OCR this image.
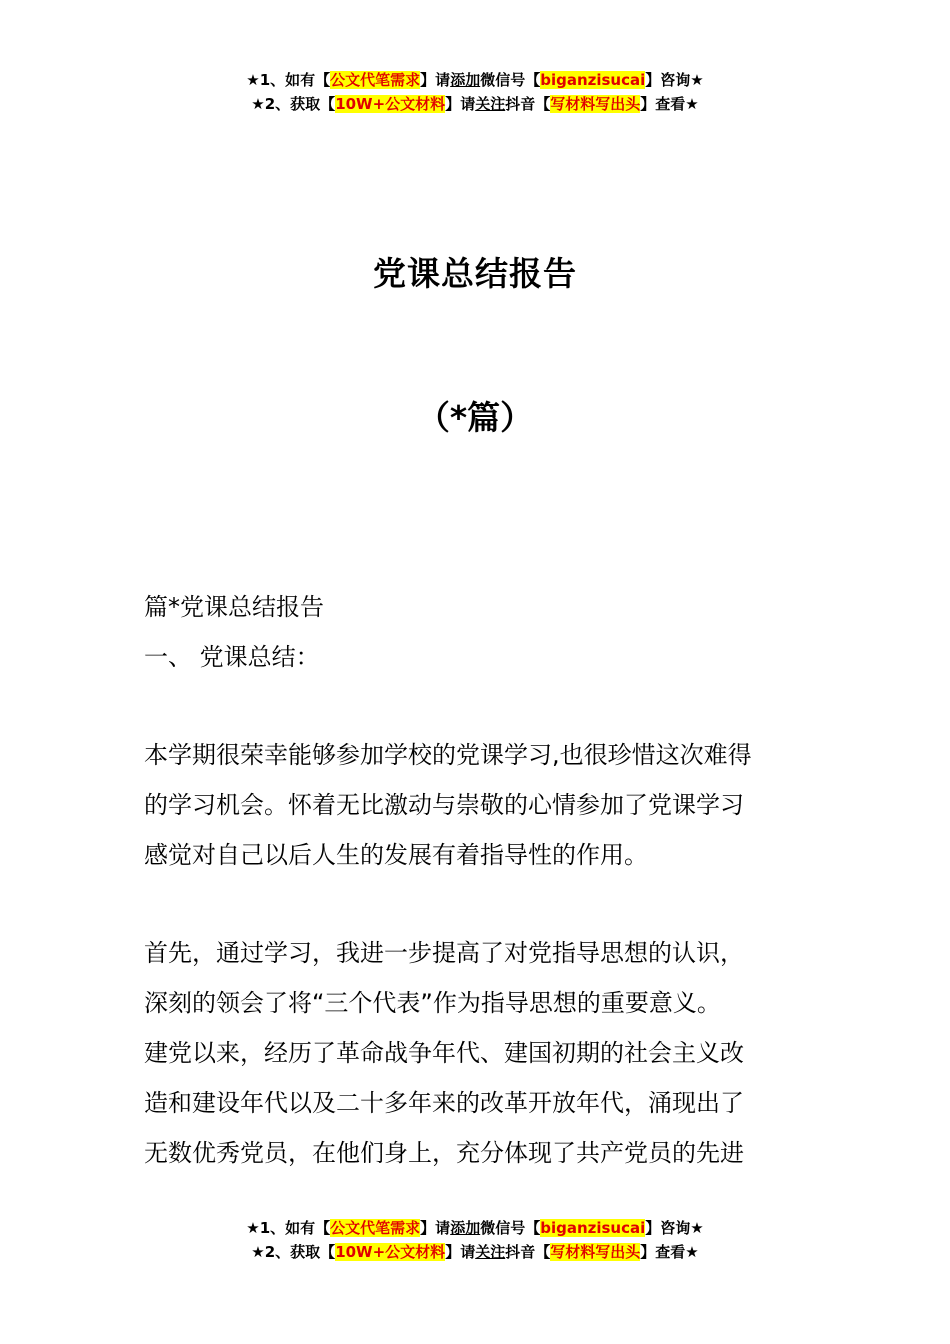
★1、如有【公文代笔需求】请添加微信号【biganzisucai】咨询★
★2、获取【10W+公文材料】请关注抖音【写材料写出头】查看★
党课总结报告
（*篇）

篇*党课总结报告

一、 党课总结：

本学期很荣幸能够参加学校的党课学习,也很珍惜这次难得

的学习机会。怀着无比激动与崇敬的心情参加了党课学习

感觉对自己以后人生的发展有着指导性的作用。

首先，通过学习，我进一步提高了对党指导思想的认识，

深刻的领会了将“三个代表”作为指导思想的重要意义。

建党以来，经历了革命战争年代、建国初期的社会主义改

造和建设年代以及二十多年来的改革开放年代，涌现出了

无数优秀党员，在他们身上，充分体现了共产党员的先进

★1、如有【公文代笔需求】请添加微信号【biganzisucai】咨询★
★2、获取【10W+公文材料】请关注抖音【写材料写出头】查看★
